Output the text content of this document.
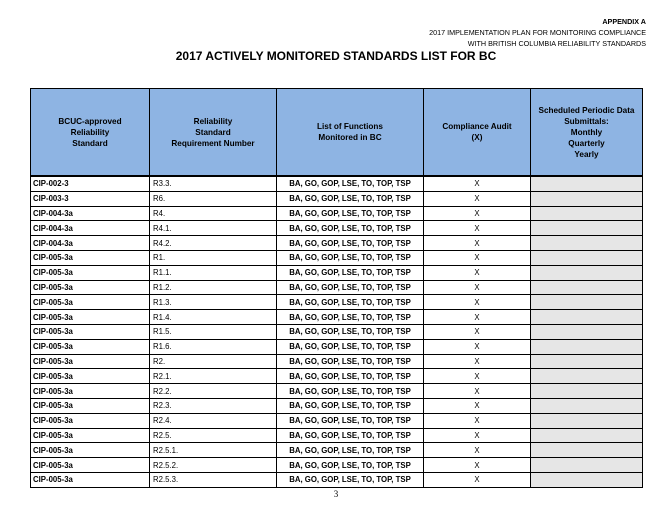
APPENDIX A
2017 IMPLEMENTATION PLAN FOR MONITORING COMPLIANCE
WITH BRITISH COLUMBIA RELIABILITY STANDARDS
2017 ACTIVELY MONITORED STANDARDS LIST FOR BC
BCUC-approved
Reliability
Standard	Reliability
Standard
Requirement Number	List of Functions
Monitored in BC	Compliance Audit
(X)	Scheduled Periodic Data
Submittals:
Monthly
Quarterly
Yearly

CIP-002-3	R3.3.	BA, GO, GOP, LSE, TO, TOP, TSP	X	
CIP-003-3	R6.	BA, GO, GOP, LSE, TO, TOP, TSP	X	
CIP-004-3a	R4.	BA, GO, GOP, LSE, TO, TOP, TSP	X	
CIP-004-3a	R4.1.	BA, GO, GOP, LSE, TO, TOP, TSP	X	
CIP-004-3a	R4.2.	BA, GO, GOP, LSE, TO, TOP, TSP	X	
CIP-005-3a	R1.	BA, GO, GOP, LSE, TO, TOP, TSP	X	
CIP-005-3a	R1.1.	BA, GO, GOP, LSE, TO, TOP, TSP	X	
CIP-005-3a	R1.2.	BA, GO, GOP, LSE, TO, TOP, TSP	X	
CIP-005-3a	R1.3.	BA, GO, GOP, LSE, TO, TOP, TSP	X	
CIP-005-3a	R1.4.	BA, GO, GOP, LSE, TO, TOP, TSP	X	
CIP-005-3a	R1.5.	BA, GO, GOP, LSE, TO, TOP, TSP	X	
CIP-005-3a	R1.6.	BA, GO, GOP, LSE, TO, TOP, TSP	X	
CIP-005-3a	R2.	BA, GO, GOP, LSE, TO, TOP, TSP	X	
CIP-005-3a	R2.1.	BA, GO, GOP, LSE, TO, TOP, TSP	X	
CIP-005-3a	R2.2.	BA, GO, GOP, LSE, TO, TOP, TSP	X	
CIP-005-3a	R2.3.	BA, GO, GOP, LSE, TO, TOP, TSP	X	
CIP-005-3a	R2.4.	BA, GO, GOP, LSE, TO, TOP, TSP	X	
CIP-005-3a	R2.5.	BA, GO, GOP, LSE, TO, TOP, TSP	X	
CIP-005-3a	R2.5.1.	BA, GO, GOP, LSE, TO, TOP, TSP	X	
CIP-005-3a	R2.5.2.	BA, GO, GOP, LSE, TO, TOP, TSP	X	
CIP-005-3a	R2.5.3.	BA, GO, GOP, LSE, TO, TOP, TSP	X	
3
